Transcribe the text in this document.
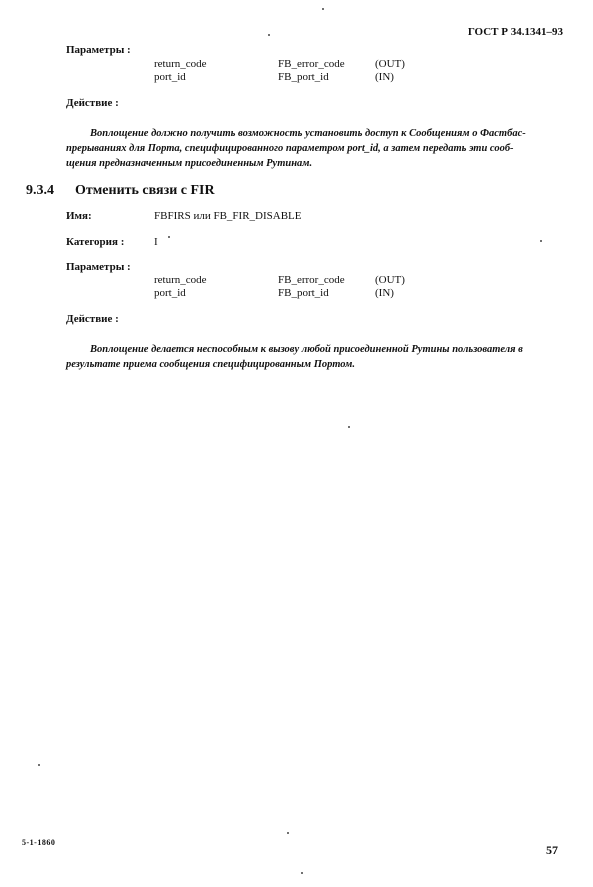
ГОСТ Р 34.1341–93
Параметры :
return_code	FB_error_code	(OUT)
port_id	FB_port_id	(IN)
Действие :
Воплощение должно получить возможность установить доступ к Сообщениям о Фастбас-
прерываниях для Порта, специфицированного параметром port_id, а затем передать эти сооб-
щения предназначенным присоединенным Рутинам.
9.3.4 Отменить связи с FIR
Имя:	FBFIRS или FB_FIR_DISABLE
Категория :	I
Параметры :
return_code	FB_error_code	(OUT)
port_id	FB_port_id	(IN)
Действие :
Воплощение делается неспособным к вызову любой присоединенной Рутины пользователя в
результате приема сообщения специфицированным Портом.
5-1-1860
57
